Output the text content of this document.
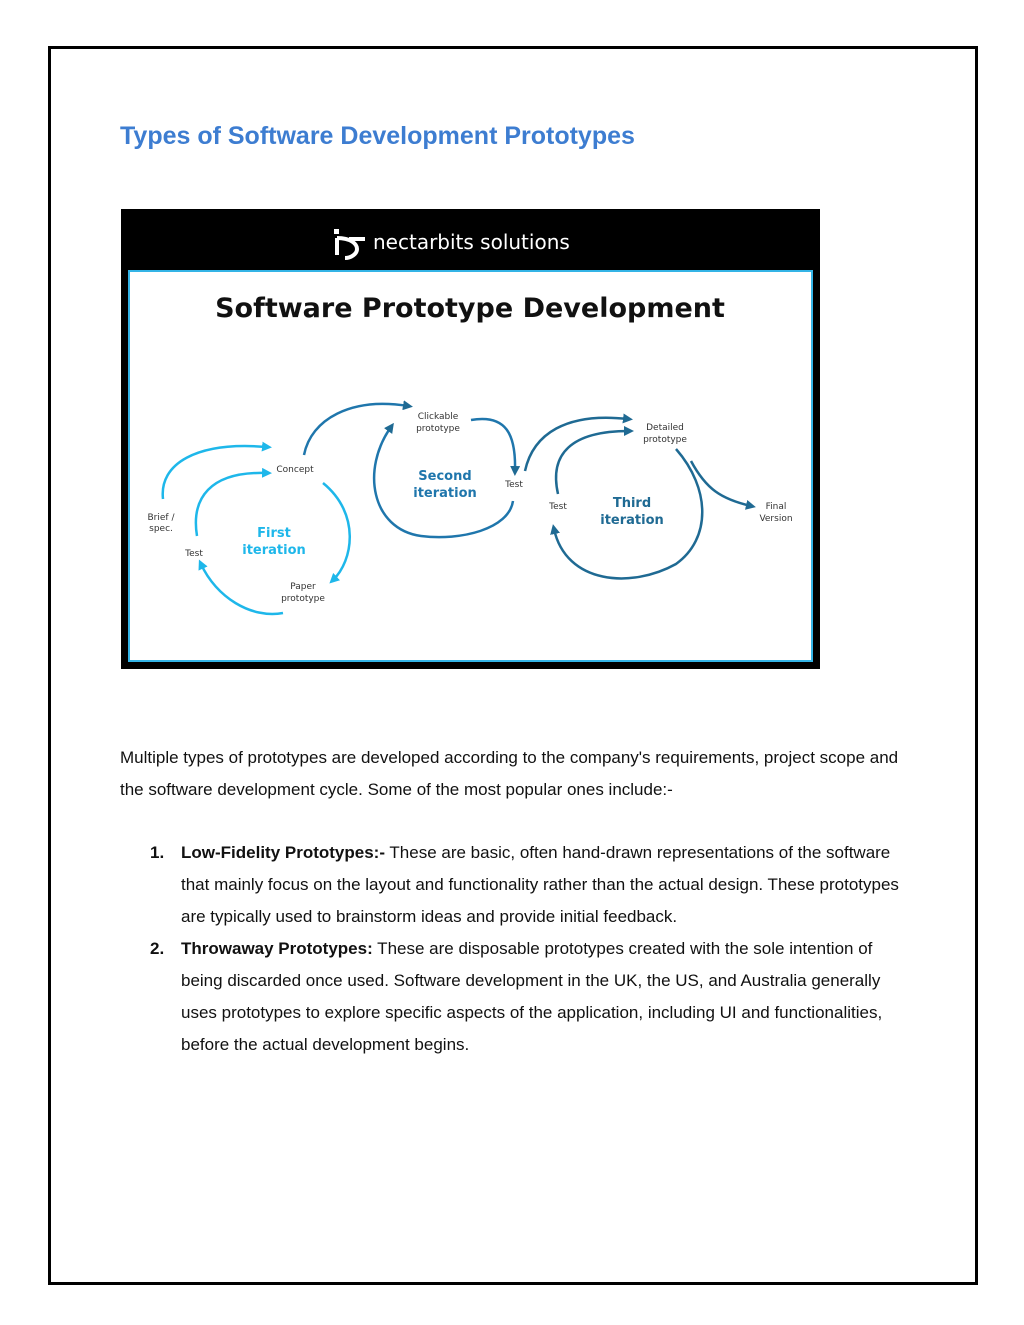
Types of Software Development Prototypes
nectarbits solutions
Software Prototype Development
Brief /
spec.
Concept
Test
Paper
prototype
First
iteration
Clickable
prototype
Second
iteration
Test
Detailed
prototype
Test	Third
iteration
Final
Version

Multiple types of prototypes are developed according to the company's requirements, project scope and the software development cycle. Some of the most popular ones include:-

1. Low-Fidelity Prototypes:- These are basic, often hand-drawn representations of the software that mainly focus on the layout and functionality rather than the actual design. These prototypes are typically used to brainstorm ideas and provide initial feedback.
2. Throwaway Prototypes: These are disposable prototypes created with the sole intention of being discarded once used. Software development in the UK, the US, and Australia generally uses prototypes to explore specific aspects of the application, including UI and functionalities, before the actual development begins.
